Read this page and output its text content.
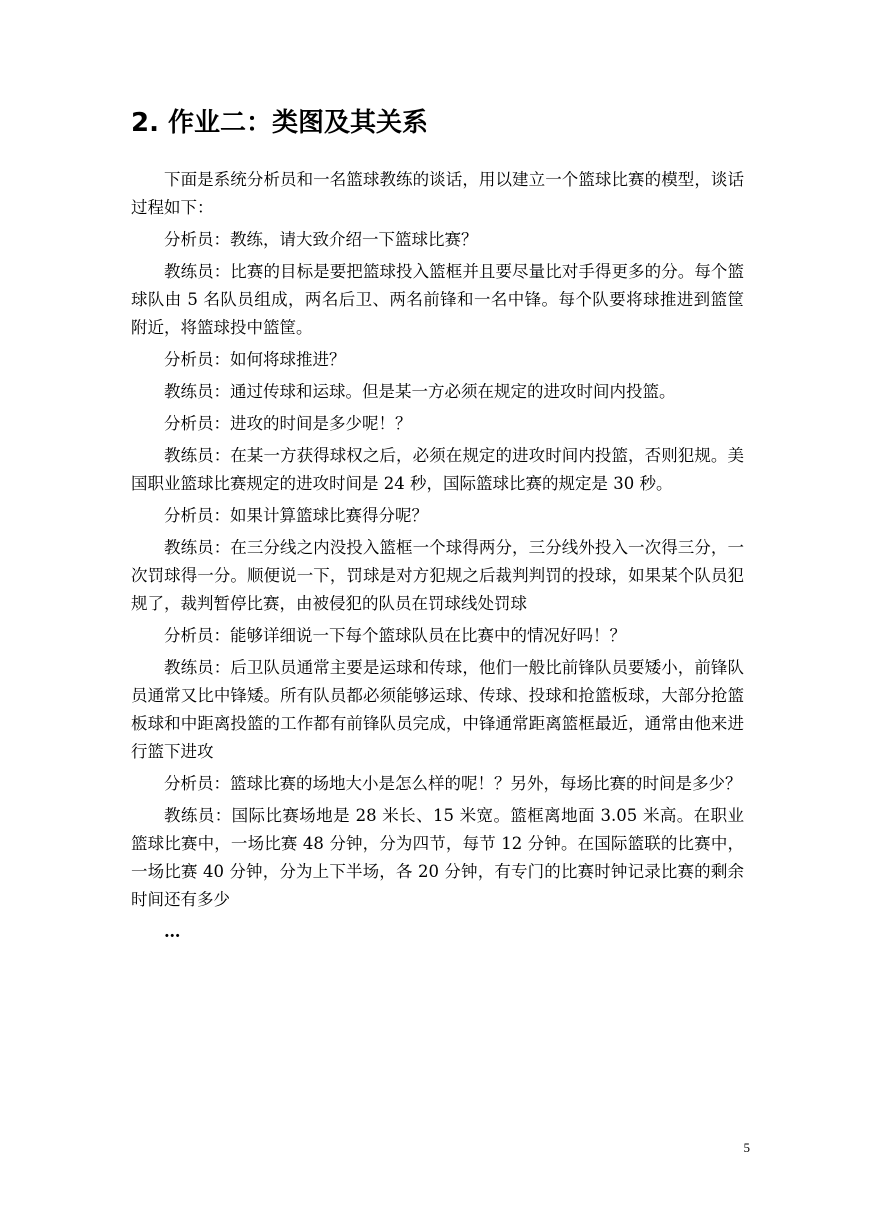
2. 作业二：类图及其关系

下面是系统分析员和一名篮球教练的谈话，用以建立一个篮球比赛的模型，谈话过程如下：

分析员：教练，请大致介绍一下篮球比赛？

教练员：比赛的目标是要把篮球投入篮框并且要尽量比对手得更多的分。每个篮球队由 5 名队员组成，两名后卫、两名前锋和一名中锋。每个队要将球推进到篮筐附近，将篮球投中篮筐。

分析员：如何将球推进？

教练员：通过传球和运球。但是某一方必须在规定的进攻时间内投篮。

分析员：进攻的时间是多少呢！？

教练员：在某一方获得球权之后，必须在规定的进攻时间内投篮，否则犯规。美国职业篮球比赛规定的进攻时间是 24 秒，国际篮球比赛的规定是 30 秒。

分析员：如果计算篮球比赛得分呢？

教练员：在三分线之内没投入篮框一个球得两分，三分线外投入一次得三分，一次罚球得一分。顺便说一下，罚球是对方犯规之后裁判判罚的投球，如果某个队员犯规了，裁判暂停比赛，由被侵犯的队员在罚球线处罚球

分析员：能够详细说一下每个篮球队员在比赛中的情况好吗！？

教练员：后卫队员通常主要是运球和传球，他们一般比前锋队员要矮小，前锋队员通常又比中锋矮。所有队员都必须能够运球、传球、投球和抢篮板球，大部分抢篮板球和中距离投篮的工作都有前锋队员完成，中锋通常距离篮框最近，通常由他来进行篮下进攻

分析员：篮球比赛的场地大小是怎么样的呢！？另外，每场比赛的时间是多少？

教练员：国际比赛场地是 28 米长、15 米宽。篮框离地面 3.05 米高。在职业篮球比赛中，一场比赛 48 分钟，分为四节，每节 12 分钟。在国际篮联的比赛中，一场比赛 40 分钟，分为上下半场，各 20 分钟，有专门的比赛时钟记录比赛的剩余时间还有多少

…

5
